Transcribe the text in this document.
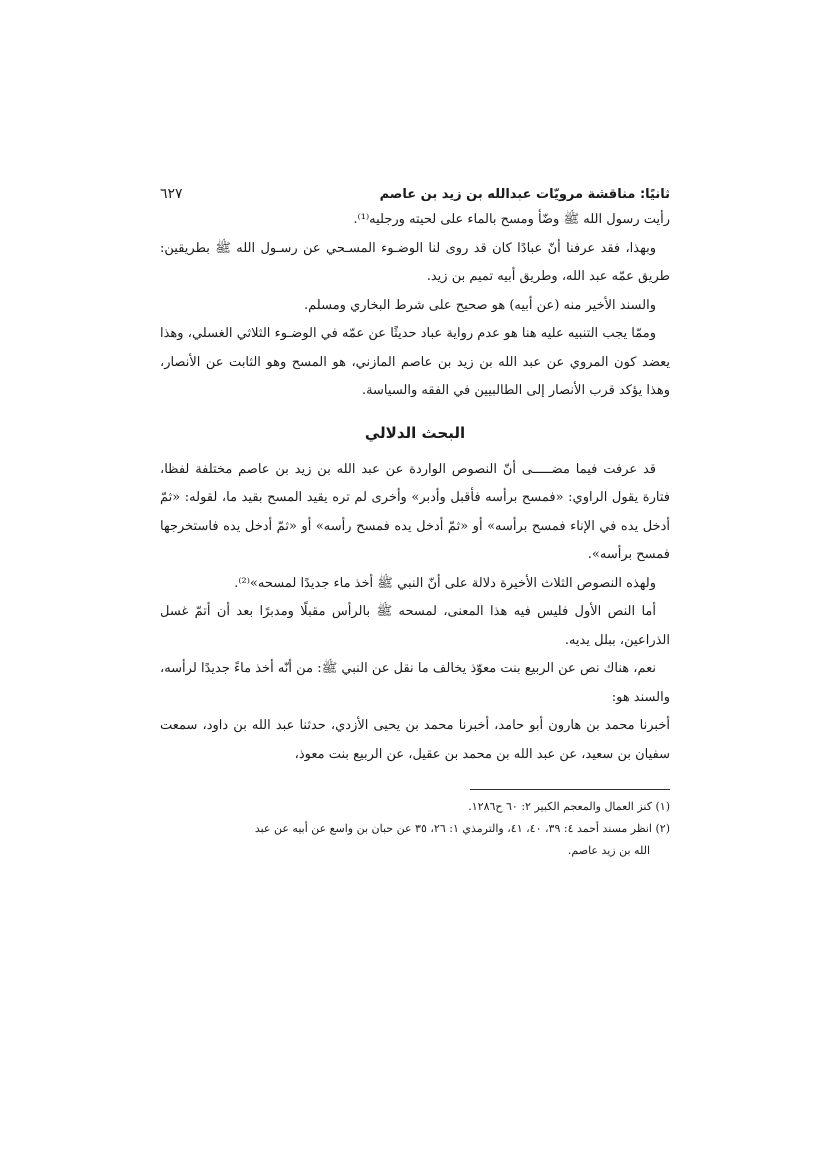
ثانيًا: مناقشة مرويّات عبدالله بن زيد بن عاصم
٦٢٧

رأيت رسول الله ﷺ وضّأ ومسح بالماء على لحيته ورجليه⁽¹⁾.

وبهذا، فقد عرفنا أنّ عبادًا كان قد روى لنا الوضـوء المسـحي عن رسـول الله ﷺ بطريقين: طريق عمّه عبد الله، وطريق أبيه تميم بن زيد.

والسند الأخير منه (عن أبيه) هو صحيح على شرط البخاري ومسلم.

وممّا يجب التنبيه عليه هنا هو عدم رواية عباد حديثًا عن عمّه في الوضـوء الثلاثي الغسلي، وهذا يعضد كون المروي عن عبد الله بن زيد بن عاصم المازني، هو المسح وهو الثابت عن الأنصار، وهذا يؤكد قرب الأنصار إلى الطالبيين في الفقه والسياسة.

البحث الدلالي

قد عرفت فيما مضـــــى أنّ النصوص الواردة عن عبد الله بن زيد بن عاصم مختلفة لفظا، فتارة يقول الراوي: «فمسح برأسه فأقبل وأدبر» وأخرى لم تره يقيد المسح بقيد ما، لقوله: «ثمّ أدخل يده في الإناء فمسح برأسه» أو «ثمّ أدخل يده فمسح رأسه» أو «ثمّ أدخل يده فاستخرجها فمسح برأسه».

ولهذه النصوص الثلاث الأخيرة دلالة على أنّ النبي ﷺ أخذ ماء جديدًا لمسحه»⁽²⁾.

أما النص الأول فليس فيه هذا المعنى، لمسحه ﷺ بالرأس مقبلًا ومدبرًا بعد أن أتمّ غسل الذراعين، ببلل يديه.

نعم، هناك نص عن الربيع بنت معوّذ يخالف ما نقل عن النبي ﷺ: من أنّه أخذ ماءً جديدًا لرأسه، والسند هو:

أخبرنا محمد بن هارون أبو حامد، أخبرنا محمد بن يحيى الأزدي، حدثنا عبد الله بن داود، سمعت سفيان بن سعيد، عن عبد الله بن محمد بن عقيل، عن الربيع بنت معوذ،

(١) كنز العمال والمعجم الكبير ٢: ٦٠ ح١٢٨٦.

(٢) انظر مسند أحمد ٤: ٣٩، ٤٠، ٤١، والترمذي ١: ٢٦، ٣٥ عن حبان بن واسع عن أبيه عن عبد

الله بن زيد عاصم.
